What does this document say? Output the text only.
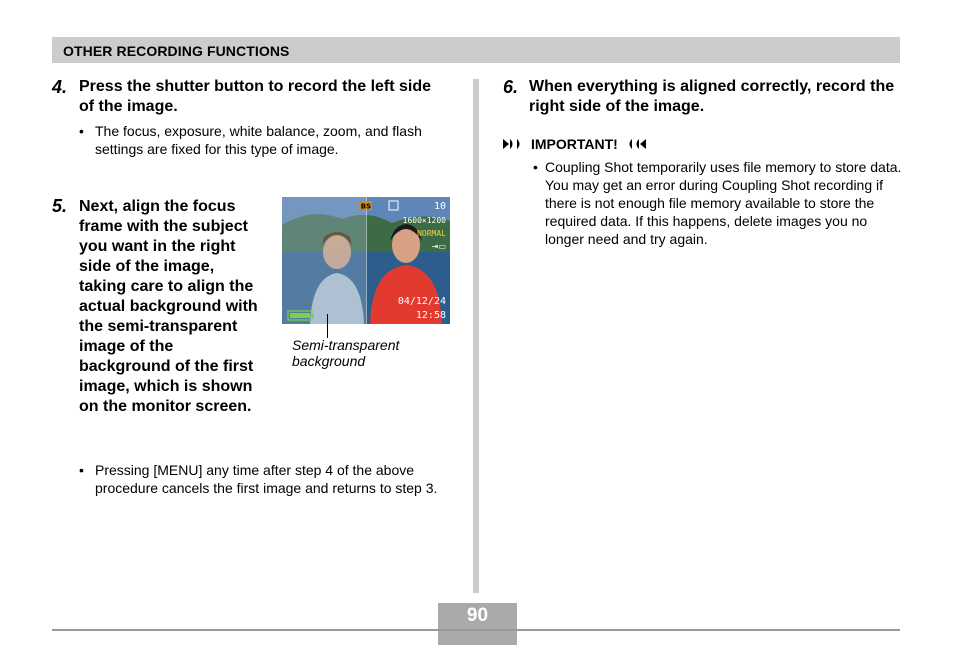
OTHER RECORDING FUNCTIONS
4. Press the shutter button to record the left side of the image.
• The focus, exposure, white balance, zoom, and flash settings are fixed for this type of image.
5. Next, align the focus frame with the subject you want in the right side of the image, taking care to align the actual background with the semi-transparent image of the background of the first image, which is shown on the monitor screen.
• Pressing [MENU] any time after step 4 of the above procedure cancels the first image and returns to step 3.
BS	10
1600×1200
NORMAL
⇥▭
04/12/24
12:58
Semi-transparent
background
6. When everything is aligned correctly, record the right side of the image.
IMPORTANT!
• Coupling Shot temporarily uses file memory to store data. You may get an error during Coupling Shot recording if there is not enough file memory available to store the required data. If this happens, delete images you no longer need and try again.
90
